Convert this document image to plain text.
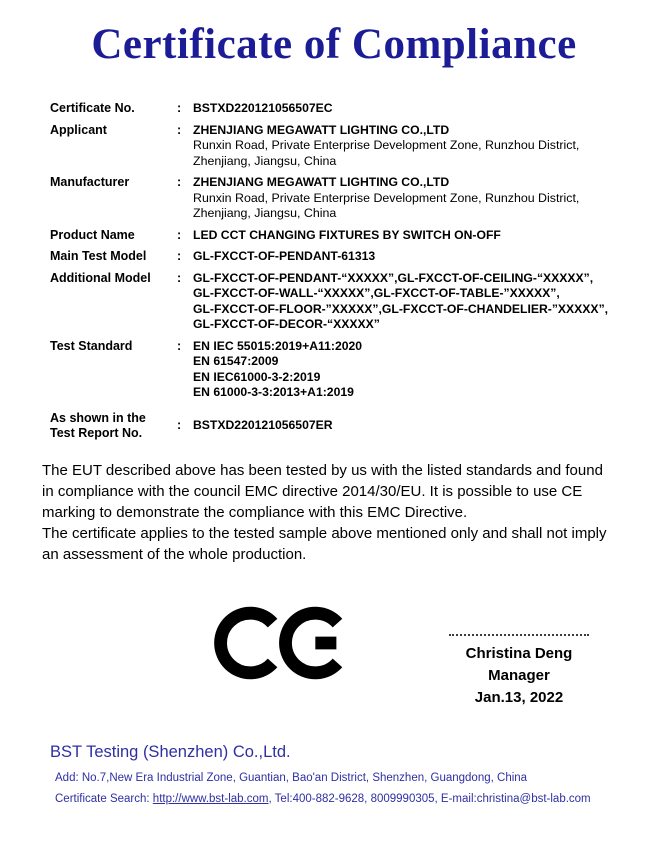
Certificate of Compliance
Certificate No.	: BSTXD220121056507EC
Applicant	: ZHENJIANG MEGAWATT LIGHTING CO.,LTD
Runxin Road, Private Enterprise Development Zone, Runzhou District,
Zhenjiang, Jiangsu, China
Manufacturer	: ZHENJIANG MEGAWATT LIGHTING CO.,LTD
Runxin Road, Private Enterprise Development Zone, Runzhou District,
Zhenjiang, Jiangsu, China
Product Name	: LED CCT CHANGING FIXTURES BY SWITCH ON-OFF
Main Test Model	: GL-FXCCT-OF-PENDANT-61313
Additional Model	: GL-FXCCT-OF-PENDANT-“XXXXX”,GL-FXCCT-OF-CEILING-“XXXXX”,
GL-FXCCT-OF-WALL-“XXXXX”,GL-FXCCT-OF-TABLE-”XXXXX”,
GL-FXCCT-OF-FLOOR-”XXXXX”,GL-FXCCT-OF-CHANDELIER-”XXXXX”,
GL-FXCCT-OF-DECOR-“XXXXX”
Test Standard	: EN IEC 55015:2019+A11:2020
EN 61547:2009
EN IEC61000-3-2:2019
EN 61000-3-3:2013+A1:2019
As shown in the
Test Report No.
: BSTXD220121056507ER
The EUT described above has been tested by us with the listed standards and found
in compliance with the council EMC directive 2014/30/EU. It is possible to use CE
marking to demonstrate the compliance with this EMC Directive.
The certificate applies to the tested sample above mentioned only and shall not imply
an assessment of the whole production.
Christina Deng
Manager
Jan.13, 2022
BST Testing (Shenzhen) Co.,Ltd.
Add: No.7,New Era Industrial Zone, Guantian, Bao'an District, Shenzhen, Guangdong, China
Certificate Search: http://www.bst-lab.com, Tel:400-882-9628, 8009990305, E-mail:christina@bst-lab.com
